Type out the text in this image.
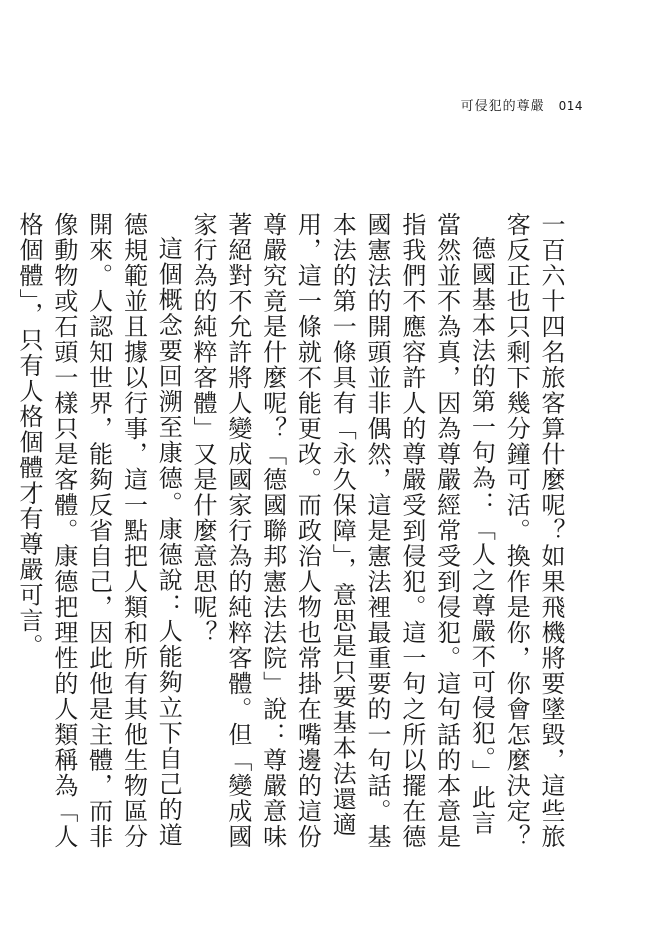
可侵犯的尊嚴 014

一百六十四名旅客算什麼呢？如果飛機將要墜毀，這些旅客反正也只剩下幾分鐘可活。換作是你，你會怎麼決定？

德國基本法的第一句為：「人之尊嚴不可侵犯。」此言當然並不為真，因為尊嚴經常受到侵犯。這句話的本意是指我們不應容許人的尊嚴受到侵犯。這一句之所以擺在德國憲法的開頭並非偶然，這是憲法裡最重要的一句話。基本法的第一條具有「永久保障」，意思是只要基本法還適用，這一條就不能更改。而政治人物也常掛在嘴邊的這份尊嚴究竟是什麼呢？「德國聯邦憲法法院」說：尊嚴意味著絕對不允許將人變成國家行為的純粹客體。但「變成國家行為的純粹客體」又是什麼意思呢？

這個概念要回溯至康德。康德說：人能夠立下自己的道德規範並且據以行事，這一點把人類和所有其他生物區分開來。人認知世界，能夠反省自己，因此他是主體，而非像動物或石頭一樣只是客體。康德把理性的人類稱為「人格個體」，只有人格個體才有尊嚴可言。
